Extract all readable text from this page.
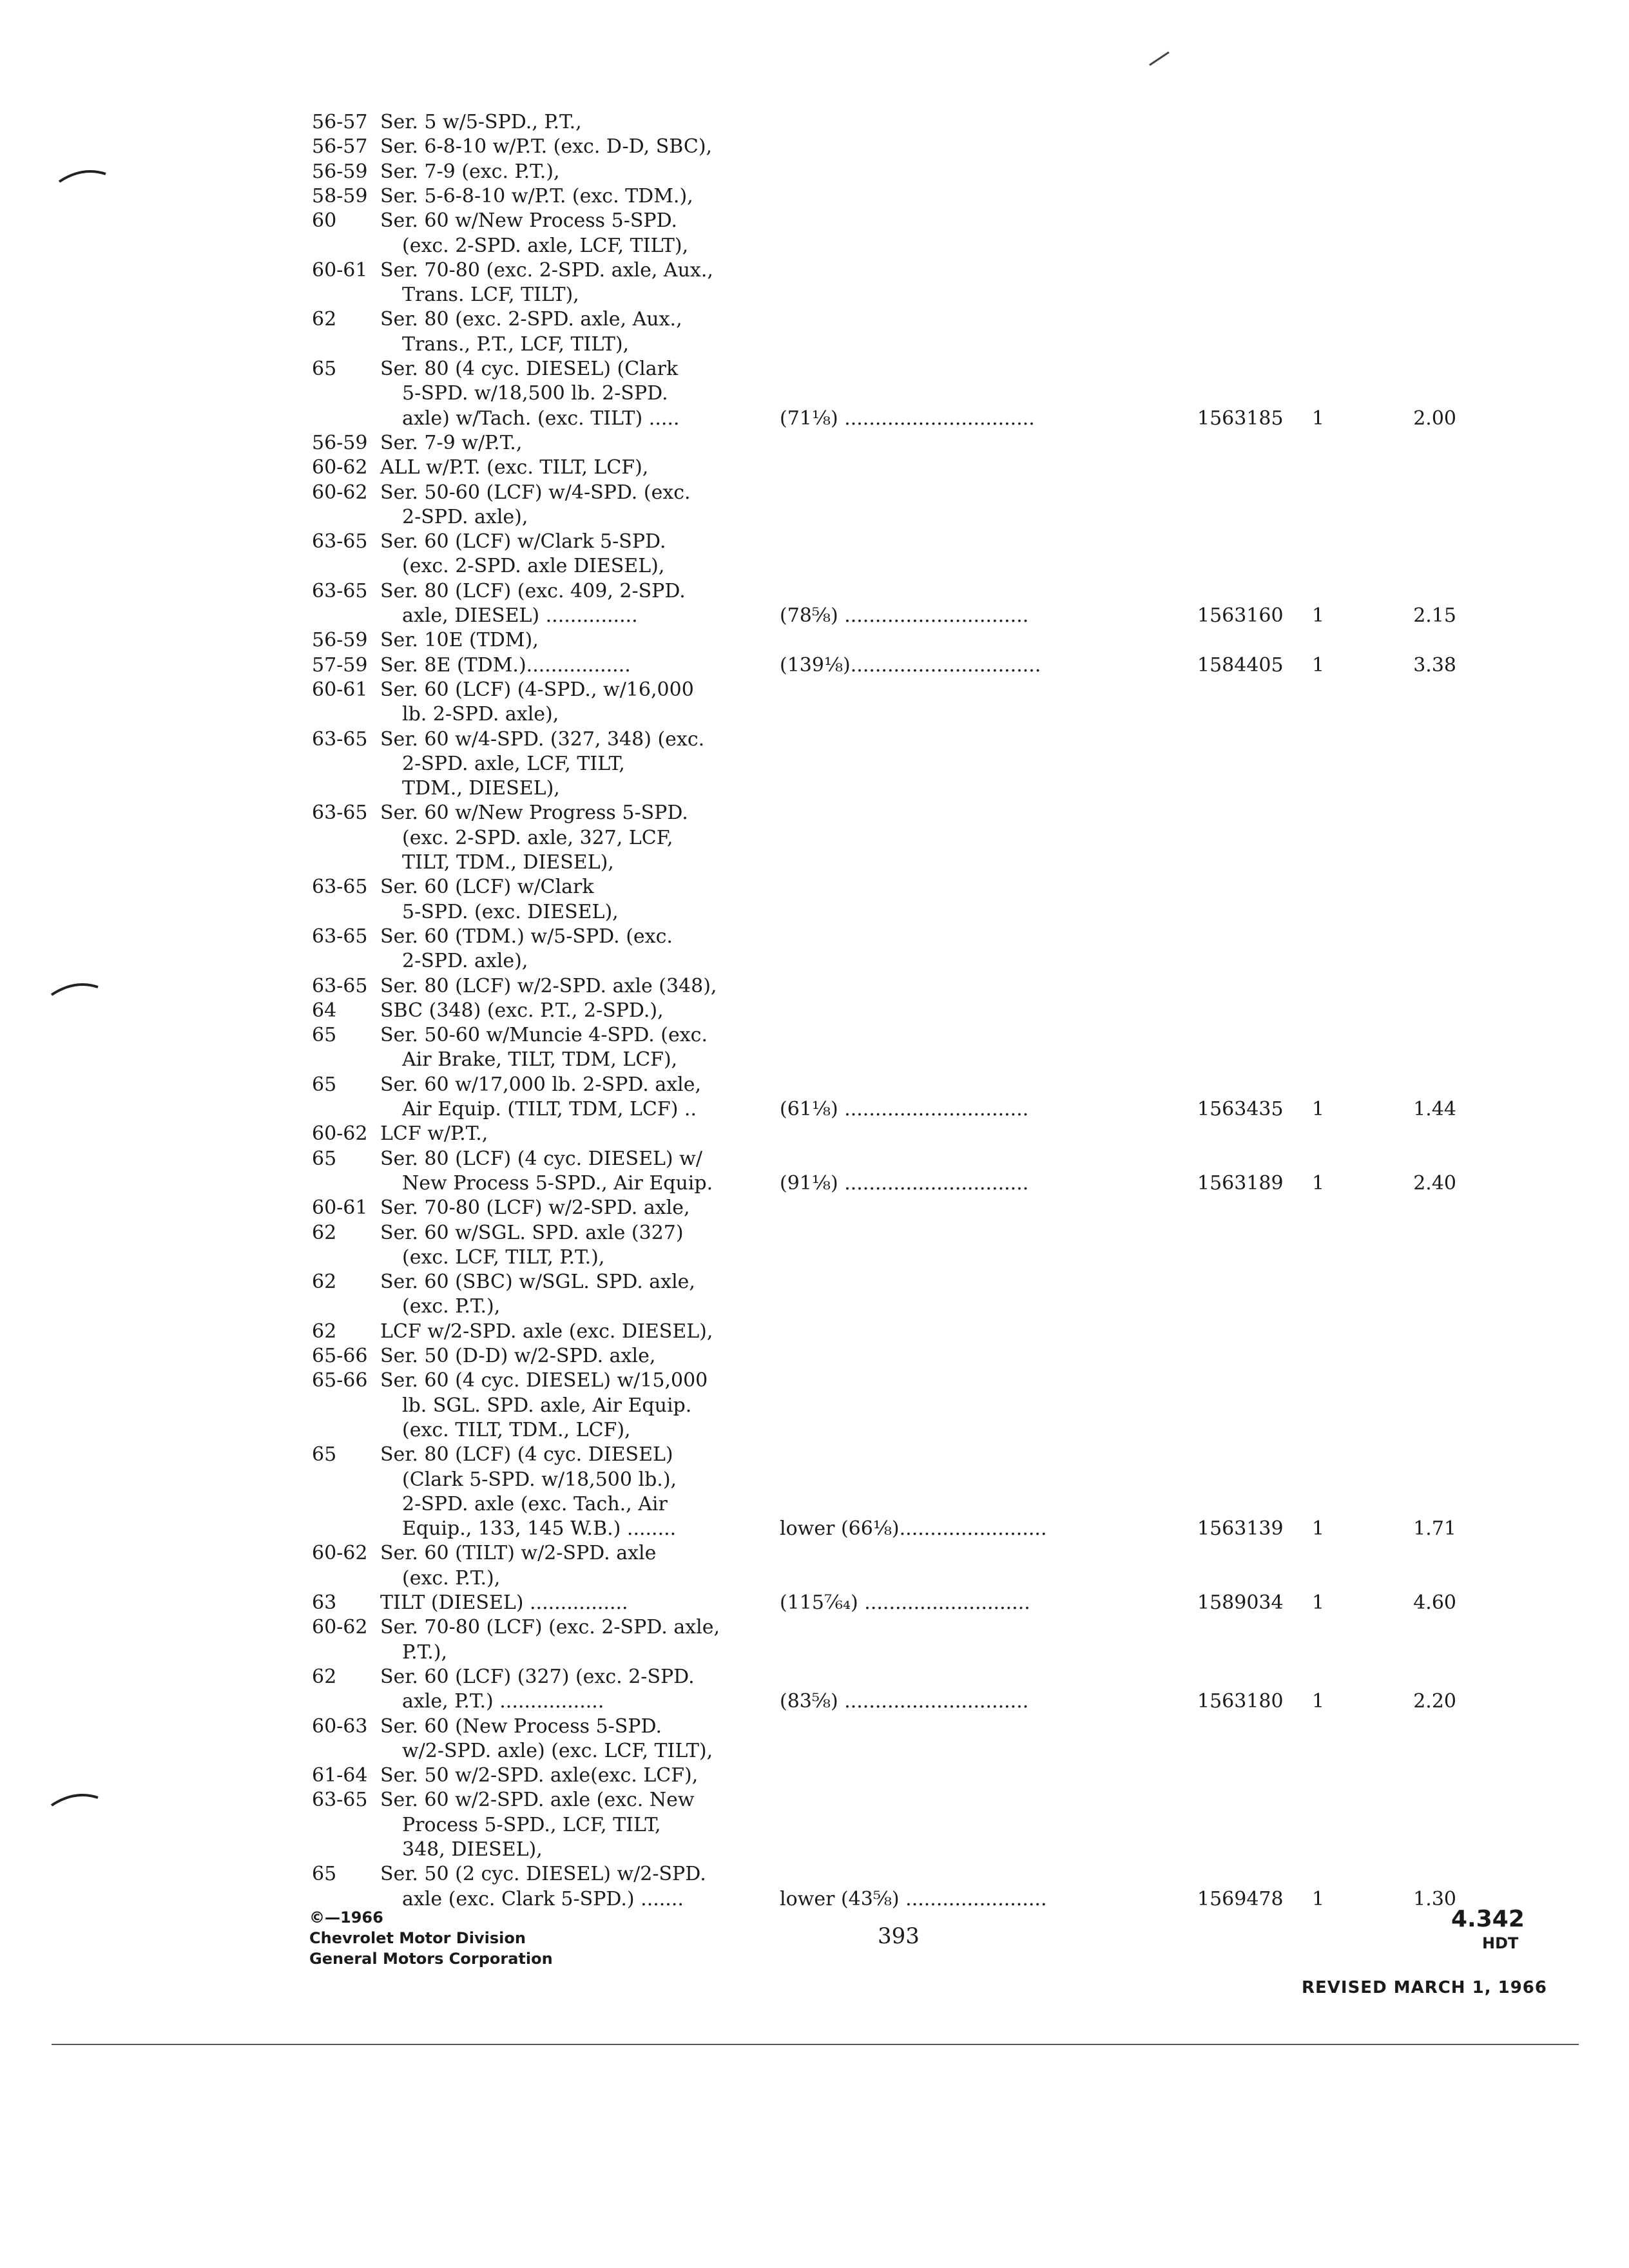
56-57 Ser. 5 w/5-SPD., P.T.,
56-57 Ser. 6-8-10 w/P.T. (exc. D-D, SBC),
56-59 Ser. 7-9 (exc. P.T.),
58-59 Ser. 5-6-8-10 w/P.T. (exc. TDM.),
60 Ser. 60 w/New Process 5-SPD.
(exc. 2-SPD. axle, LCF, TILT),
60-61 Ser. 70-80 (exc. 2-SPD. axle, Aux.,
Trans. LCF, TILT),
62 Ser. 80 (exc. 2-SPD. axle, Aux.,
Trans., P.T., LCF, TILT),
65 Ser. 80 (4 cyc. DIESEL) (Clark
5-SPD. w/18,500 lb. 2-SPD.
axle) w/Tach. (exc. TILT) .....	(71⅛) ...............................	1563185 1	2.00
56-59 Ser. 7-9 w/P.T.,
60-62 ALL w/P.T. (exc. TILT, LCF),
60-62 Ser. 50-60 (LCF) w/4-SPD. (exc.
2-SPD. axle),
63-65 Ser. 60 (LCF) w/Clark 5-SPD.
(exc. 2-SPD. axle DIESEL),
63-65 Ser. 80 (LCF) (exc. 409, 2-SPD.
axle, DIESEL) ...............	(78⅝) ..............................	1563160 1	2.15
56-59 Ser. 10E (TDM),
57-59 Ser. 8E (TDM.).................	(139⅛)...............................	1584405 1	3.38
60-61 Ser. 60 (LCF) (4-SPD., w/16,000
lb. 2-SPD. axle),
63-65 Ser. 60 w/4-SPD. (327, 348) (exc.
2-SPD. axle, LCF, TILT,
TDM., DIESEL),
63-65 Ser. 60 w/New Progress 5-SPD.
(exc. 2-SPD. axle, 327, LCF,
TILT, TDM., DIESEL),
63-65 Ser. 60 (LCF) w/Clark
5-SPD. (exc. DIESEL),
63-65 Ser. 60 (TDM.) w/5-SPD. (exc.
2-SPD. axle),
63-65 Ser. 80 (LCF) w/2-SPD. axle (348),
64 SBC (348) (exc. P.T., 2-SPD.),
65 Ser. 50-60 w/Muncie 4-SPD. (exc.
Air Brake, TILT, TDM, LCF),
65 Ser. 60 w/17,000 lb. 2-SPD. axle,
Air Equip. (TILT, TDM, LCF) ..	(61⅛) ..............................	1563435 1	1.44
60-62 LCF w/P.T.,
65 Ser. 80 (LCF) (4 cyc. DIESEL) w/
New Process 5-SPD., Air Equip.	(91⅛) ..............................	1563189 1	2.40
60-61 Ser. 70-80 (LCF) w/2-SPD. axle,
62 Ser. 60 w/SGL. SPD. axle (327)
(exc. LCF, TILT, P.T.),
62 Ser. 60 (SBC) w/SGL. SPD. axle,
(exc. P.T.),
62 LCF w/2-SPD. axle (exc. DIESEL),
65-66 Ser. 50 (D-D) w/2-SPD. axle,
65-66 Ser. 60 (4 cyc. DIESEL) w/15,000
lb. SGL. SPD. axle, Air Equip.
(exc. TILT, TDM., LCF),
65 Ser. 80 (LCF) (4 cyc. DIESEL)
(Clark 5-SPD. w/18,500 lb.),
2-SPD. axle (exc. Tach., Air
Equip., 133, 145 W.B.) ........	lower (66⅛)........................	1563139 1	1.71
60-62 Ser. 60 (TILT) w/2-SPD. axle
(exc. P.T.),
63 TILT (DIESEL) ................	(115⁷⁄₆₄) ...........................	1589034 1	4.60
60-62 Ser. 70-80 (LCF) (exc. 2-SPD. axle,
P.T.),
62 Ser. 60 (LCF) (327) (exc. 2-SPD.
axle, P.T.) .................	(83⅝) ..............................	1563180 1	2.20
60-63 Ser. 60 (New Process 5-SPD.
w/2-SPD. axle) (exc. LCF, TILT),
61-64 Ser. 50 w/2-SPD. axle(exc. LCF),
63-65 Ser. 60 w/2-SPD. axle (exc. New
Process 5-SPD., LCF, TILT,
348, DIESEL),
65 Ser. 50 (2 cyc. DIESEL) w/2-SPD.
axle (exc. Clark 5-SPD.) .......	lower (43⅝) .......................	1569478 1	1.30
©—1966
Chevrolet Motor Division
General Motors Corporation
393
4.342
HDT
REVISED MARCH 1, 1966
